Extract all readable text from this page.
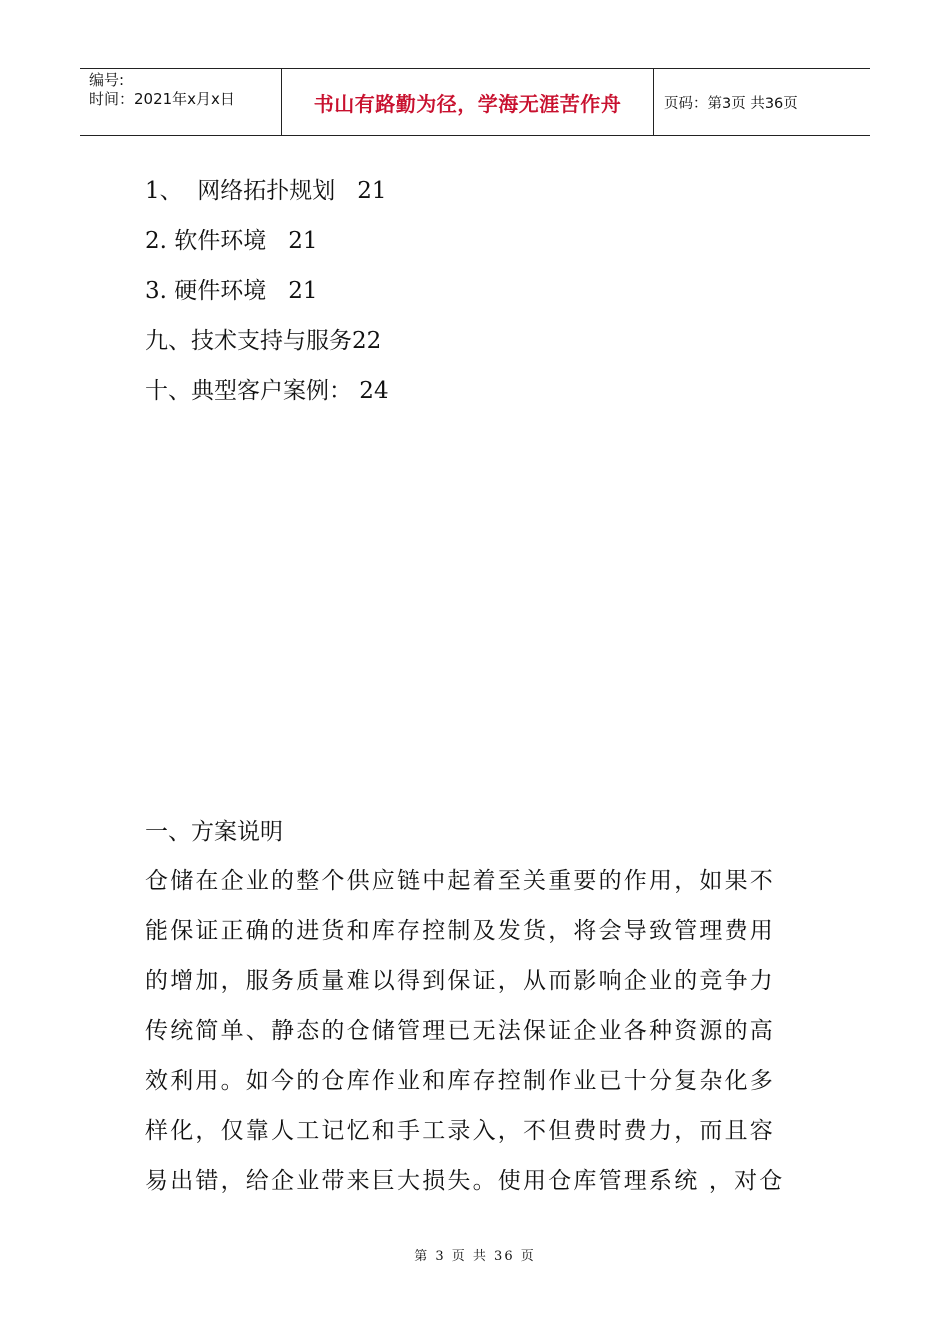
编号:
时间：2021年x月x日	书山有路勤为径，学海无涯苦作舟	页码：第3页 共36页
1、  网络拓扑规划   21
2. 软件环境   21
3. 硬件环境   21
九、技术支持与服务22
十、典型客户案例： 24
一、方案说明
仓储在企业的整个供应链中起着至关重要的作用，如果不
能保证正确的进货和库存控制及发货，将会导致管理费用
的增加，服务质量难以得到保证，从而影响企业的竞争力
传统简单、静态的仓储管理已无法保证企业各种资源的高
效利用。如今的仓库作业和库存控制作业已十分复杂化多
样化，仅靠人工记忆和手工录入，不但费时费力，而且容
易出错，给企业带来巨大损失。使用仓库管理系统 ，对仓
第 3 页 共 36 页
